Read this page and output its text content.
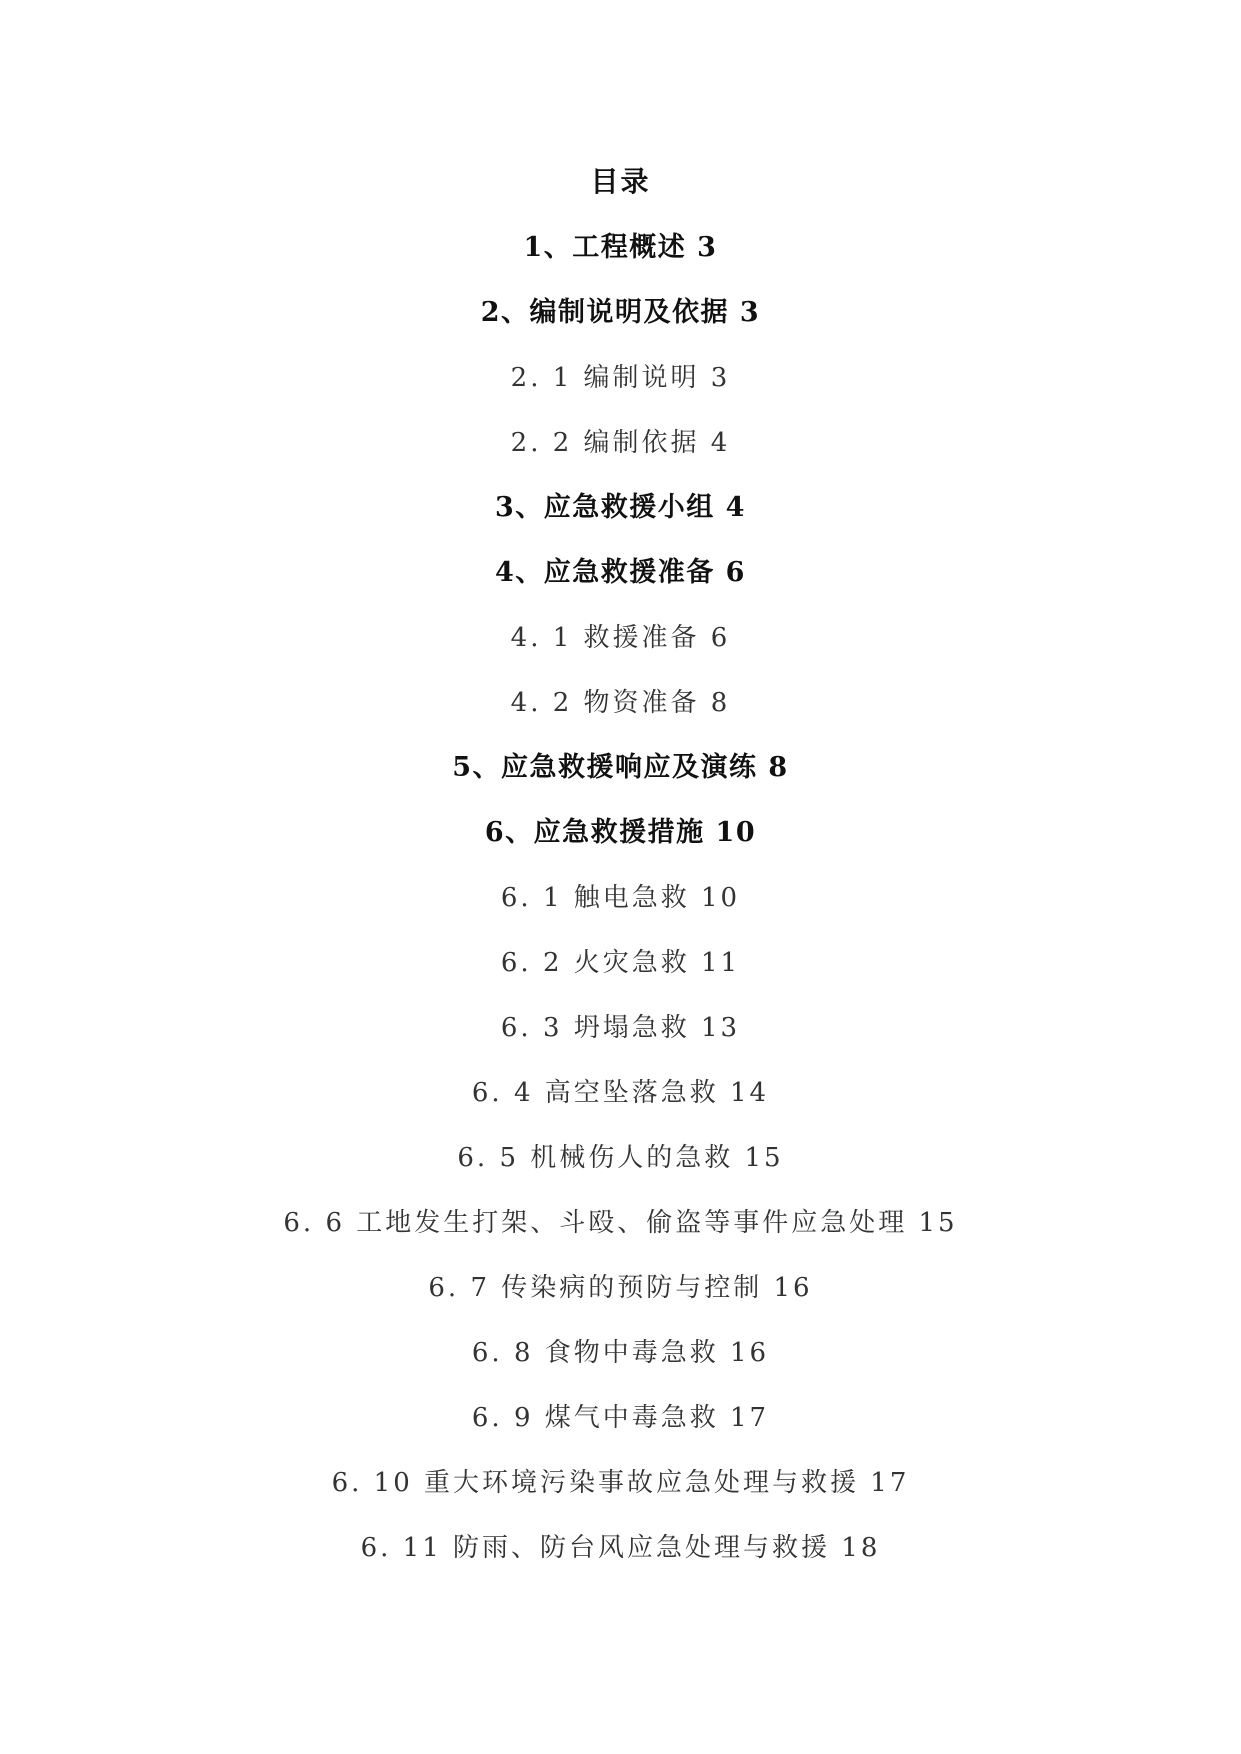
目录
1、工程概述 3
2、编制说明及依据 3
2. 1 编制说明 3
2. 2 编制依据 4
3、应急救援小组 4
4、应急救援准备 6
4. 1 救援准备 6
4. 2 物资准备 8
5、应急救援响应及演练 8
6、应急救援措施 10
6. 1 触电急救 10
6. 2 火灾急救 11
6. 3 坍塌急救 13
6. 4 高空坠落急救 14
6. 5 机械伤人的急救 15
6. 6 工地发生打架、斗殴、偷盗等事件应急处理 15
6. 7 传染病的预防与控制 16
6. 8 食物中毒急救 16
6. 9 煤气中毒急救 17
6. 10 重大环境污染事故应急处理与救援 17
6. 11 防雨、防台风应急处理与救援 18
